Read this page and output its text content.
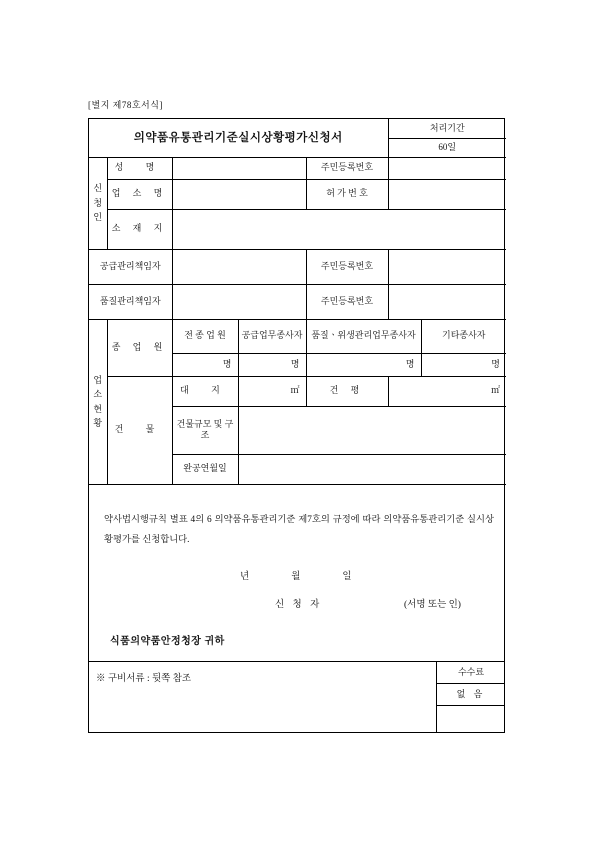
[별지 제78호서식]
의약품유통관리기준실시상황평가신청서					처리기간	
					60일	
신
청
인	성 명			주민등록번호		
	업 소 명			허 가 번 호		
	소 재 지					
공급관리책임자				주민등록번호		
품질관리책임자				주민등록번호		
업
소
현
황	종 업 원	전 종 업 원	공급업무종사자	품질ㆍ위생관리업무종사자		기타종사자
		명	명	명		명
	건 물	대 지	㎡	건 평	㎡	
		건물규모 및 구조				
		완공연월일				
약사법시행규칙 별표 4의 6 의약품유통관리기준 제7호의 규정에 따라 의약품유통관리기준 실시상황평가를 신청합니다.
년	월	일
신 청 자	(서명 또는 인)
식품의약품안정청장 귀하
※ 구비서류 : 뒷쪽 참조
수수료
없 음
